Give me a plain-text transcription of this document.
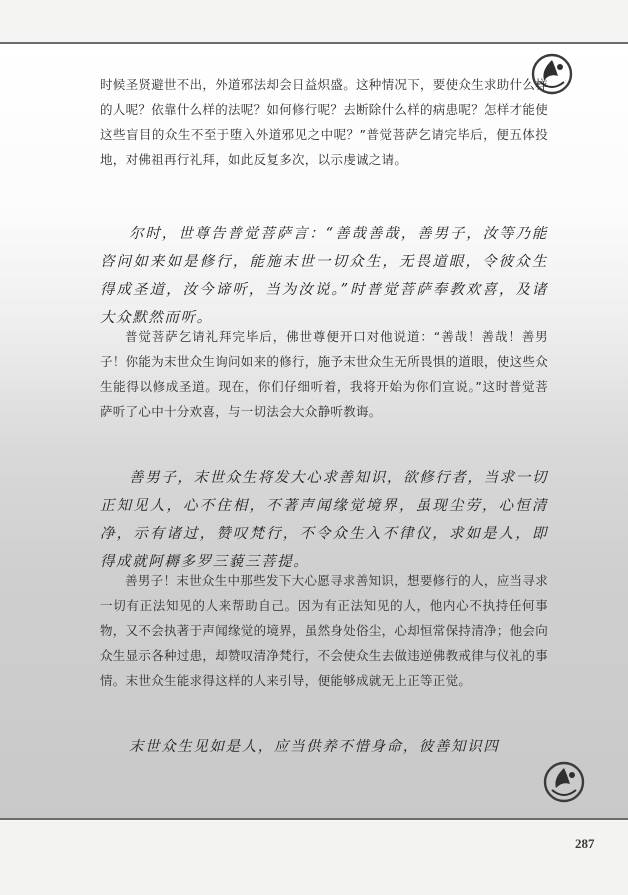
时候圣贤避世不出，外道邪法却会日益炽盛。这种情况下，要使众生求助什么样的人呢？依靠什么样的法呢？如何修行呢？去断除什么样的病患呢？怎样才能使这些盲目的众生不至于堕入外道邪见之中呢？”普觉菩萨乞请完毕后，便五体投地，对佛祖再行礼拜，如此反复多次，以示虔诚之请。

尔时，世尊告普觉菩萨言：“善哉善哉，善男子，汝等乃能咨问如来如是修行，能施末世一切众生，无畏道眼，令彼众生得成圣道，汝今谛听，当为汝说。”时普觉菩萨奉教欢喜，及诸大众默然而听。

普觉菩萨乞请礼拜完毕后，佛世尊便开口对他说道：“善哉！善哉！善男子！你能为末世众生询问如来的修行，施予末世众生无所畏惧的道眼，使这些众生能得以修成圣道。现在，你们仔细听着，我将开始为你们宣说。”这时普觉菩萨听了心中十分欢喜，与一切法会大众静听教诲。

善男子，末世众生将发大心求善知识，欲修行者，当求一切正知见人，心不住相，不著声闻缘觉境界，虽现尘劳，心恒清净，示有诸过，赞叹梵行，不令众生入不律仪，求如是人，即得成就阿耨多罗三藐三菩提。

善男子！末世众生中那些发下大心愿寻求善知识，想要修行的人，应当寻求一切有正法知见的人来帮助自己。因为有正法知见的人，他内心不执持任何事物，又不会执著于声闻缘觉的境界，虽然身处俗尘，心却恒常保持清净；他会向众生显示各种过患，却赞叹清净梵行，不会使众生去做违逆佛教戒律与仪礼的事情。末世众生能求得这样的人来引导，便能够成就无上正等正觉。

末世众生见如是人，应当供养不惜身命，彼善知识四

287
